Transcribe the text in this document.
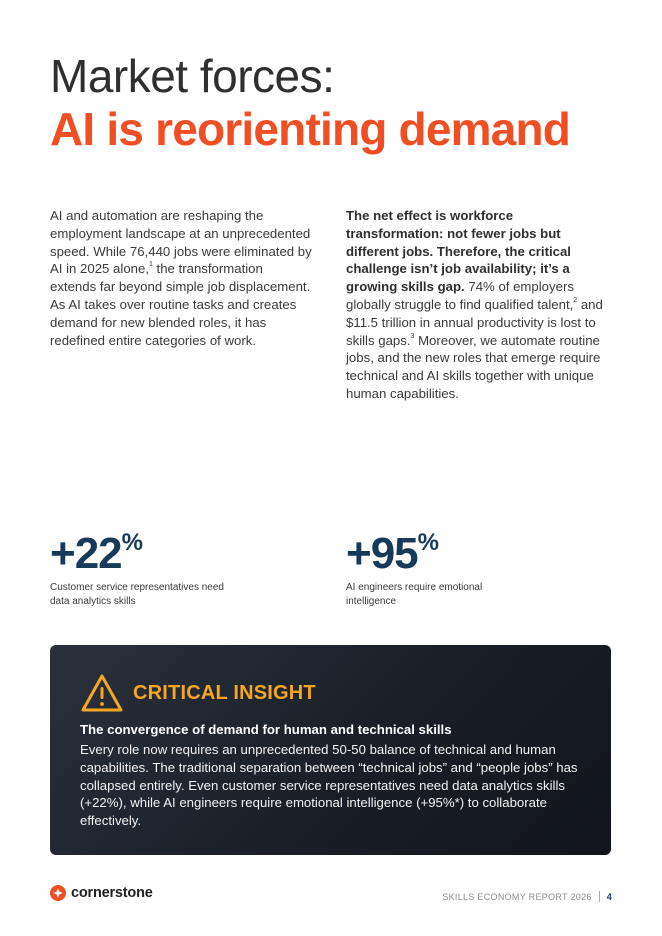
Market forces:
AI is reorienting demand
AI and automation are reshaping the employment landscape at an unprecedented speed. While 76,440 jobs were eliminated by AI in 2025 alone,$^1$ the transformation extends far beyond simple job displacement. As AI takes over routine tasks and creates demand for new blended roles, it has redefined entire categories of work.
The net effect is workforce transformation: not fewer jobs but different jobs. Therefore, the critical challenge isn’t job availability; it’s a growing skills gap. 74% of employers globally struggle to find qualified talent,$^2$ and $11.5 trillion in annual productivity is lost to skills gaps.$^3$ Moreover, we automate routine jobs, and the new roles that emerge require technical and AI skills together with unique human capabilities.
+22%
Customer service representatives need data analytics skills
+95%
AI engineers require emotional intelligence
CRITICAL INSIGHT
The convergence of demand for human and technical skills
Every role now requires an unprecedented 50-50 balance of technical and human capabilities. The traditional separation between “technical jobs” and “people jobs” has collapsed entirely. Even customer service representatives need data analytics skills (+22%), while AI engineers require emotional intelligence (+95%*) to collaborate effectively.
cornerstone	SKILLS ECONOMY REPORT 2026 4
